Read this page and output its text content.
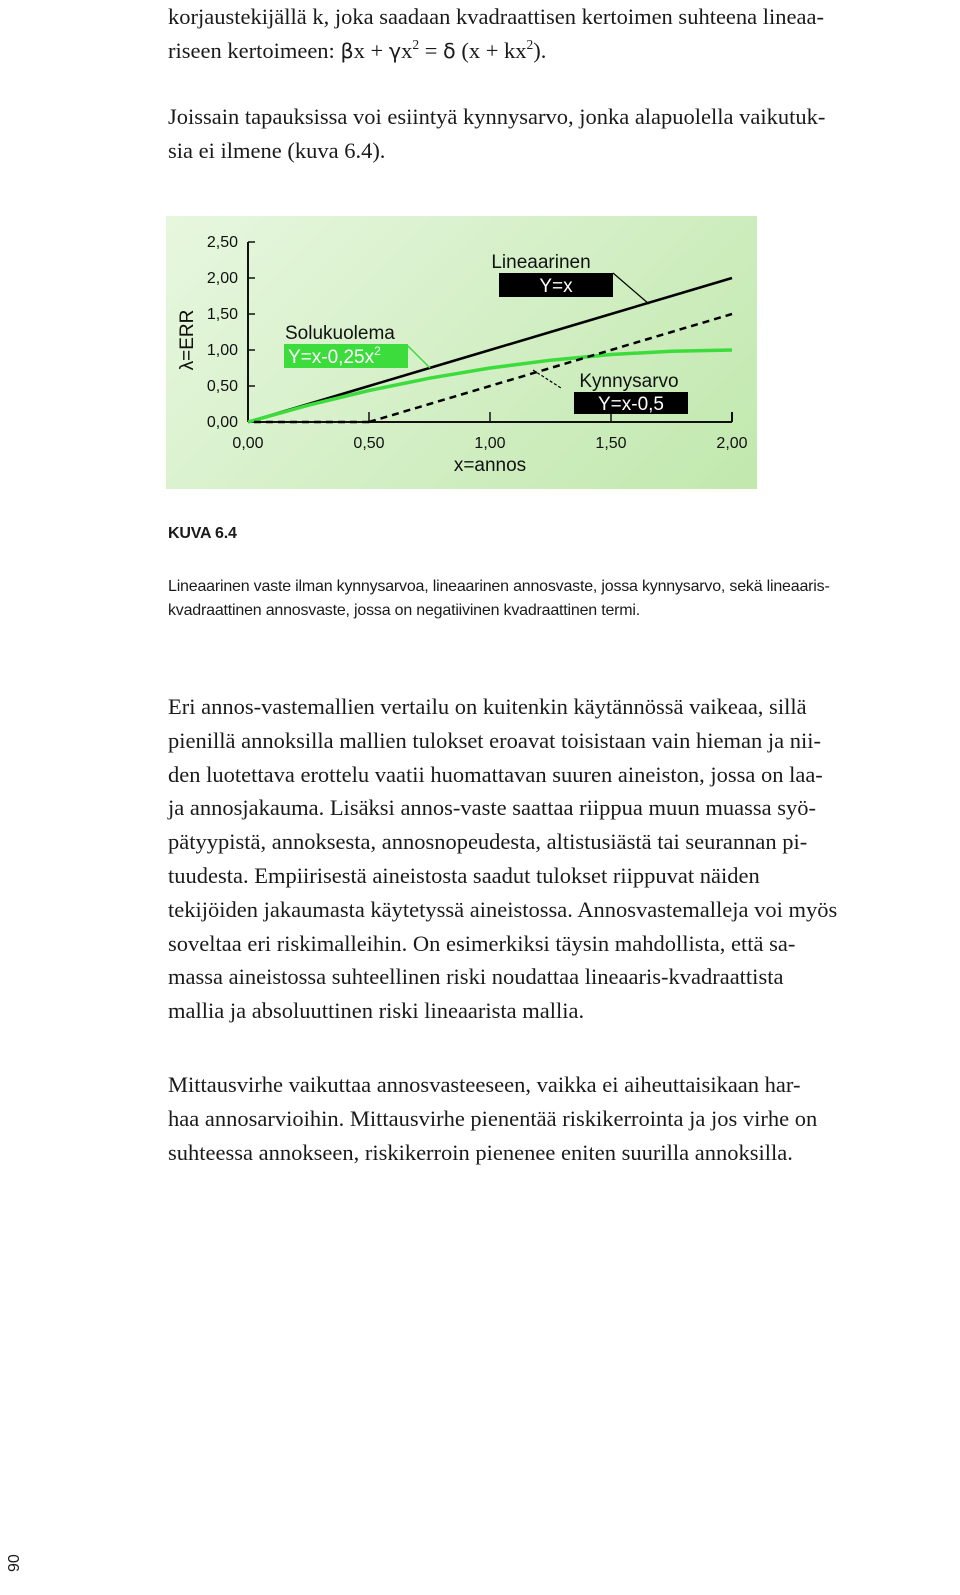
korjaustekijällä k, joka saadaan kvadraattisen kertoimen suhteena lineaa-
riseen kertoimeen: $\beta x + \gamma x^2 = \delta$ $(x + kx^2)$.

Joissain tapauksissa voi esiintyä kynnysarvo, jonka alapuolella vaikutuk-
sia ei ilmene (kuva 6.4).

0,00
0,50
1,00
1,50
2,00
2,50
0,00	0,50	1,00	1,50	2,00
λ=ERR
x=annos
Lineaarinen
Y=x
Solukuolema
$Y=x-0,25x^2$
Kynnysarvo
Y=x-0,5

KUVA 6.4

Lineaarinen vaste ilman kynnysarvoa, lineaarinen annosvaste, jossa kynnysarvo, sekä lineaaris-
kvadraattinen annosvaste, jossa on negatiivinen kvadraattinen termi.

Eri annos-vastemallien vertailu on kuitenkin käytännössä vaikeaa, sillä
pienillä annoksilla mallien tulokset eroavat toisistaan vain hieman ja nii-
den luotettava erottelu vaatii huomattavan suuren aineiston, jossa on laa-
ja annosjakauma. Lisäksi annos-vaste saattaa riippua muun muassa syö-
pätyypistä, annoksesta, annosnopeudesta, altistusiästä tai seurannan pi-
tuudesta. Empiirisestä aineistosta saadut tulokset riippuvat näiden
tekijöiden jakaumasta käytetyssä aineistossa. Annosvastemalleja voi myös
soveltaa eri riskimalleihin. On esimerkiksi täysin mahdollista, että sa-
massa aineistossa suhteellinen riski noudattaa lineaaris-kvadraattista
mallia ja absoluuttinen riski lineaarista mallia.

Mittausvirhe vaikuttaa annosvasteeseen, vaikka ei aiheuttaisikaan har-
haa annosarvioihin. Mittausvirhe pienentää riskikerrointa ja jos virhe on
suhteessa annokseen, riskikerroin pienenee eniten suurilla annoksilla.

90
